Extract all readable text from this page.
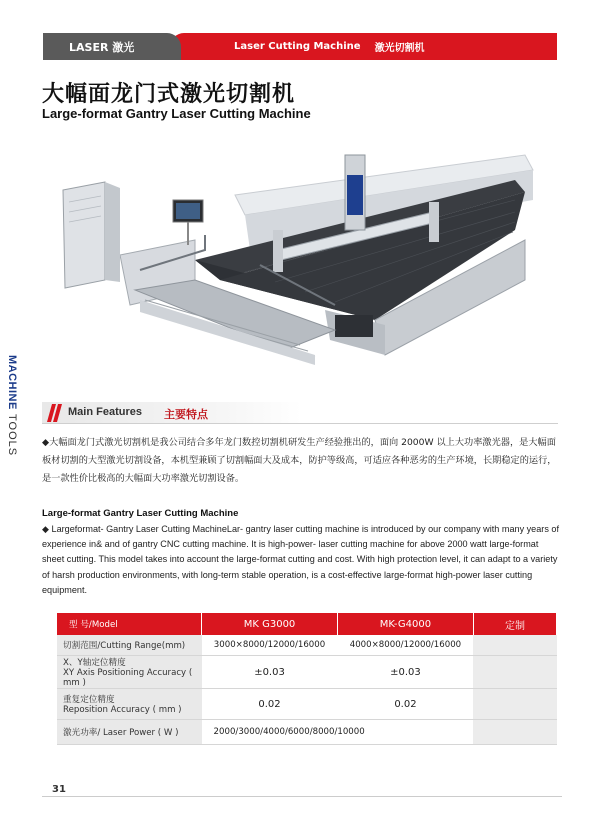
Laser Cutting Machine 激光切割机
LASER 激光
大幅面龙门式激光切割机
Large-format Gantry Laser Cutting Machine
MACHINE
TOOLS
Main Features 主要特点
◆大幅面龙门式激光切割机是我公司结合多年龙门数控切割机研发生产经验推出的，面向 2000W 以上大功率激光器，是大幅面板材切割的大型激光切割设备，本机型兼顾了切割幅面大及成本，防护等级高，可适应各种恶劣的生产环境，长期稳定的运行，是一款性价比极高的大幅面大功率激光切割设备。
Large-format Gantry Laser Cutting Machine
◆ Largeformat- Gantry Laser Cutting MachineLar- gantry laser cutting machine is introduced by our company with many years of experience in& and of gantry CNC cutting machine. It is high-power- laser cutting machine for above 2000 watt large-format sheet cutting. This model takes into account the large-format cutting and cost. With high protection level, it can adapt to a variety of harsh production environments, with long-term stable operation, is a cost-effective large-format high-power laser cutting equipment.
型 号/Model	MK G3000	MK-G4000	定制
切割范围/Cutting Range(mm)	3000×8000/12000/16000	4000×8000/12000/16000	

X、Y轴定位精度
XY Axis Positioning Accuracy ( mm )	±0.03	±0.03	

重复定位精度
Reposition Accuracy ( mm )	0.02	0.02	
激光功率/ Laser Power ( W )	2000/3000/4000/6000/8000/10000		
31
